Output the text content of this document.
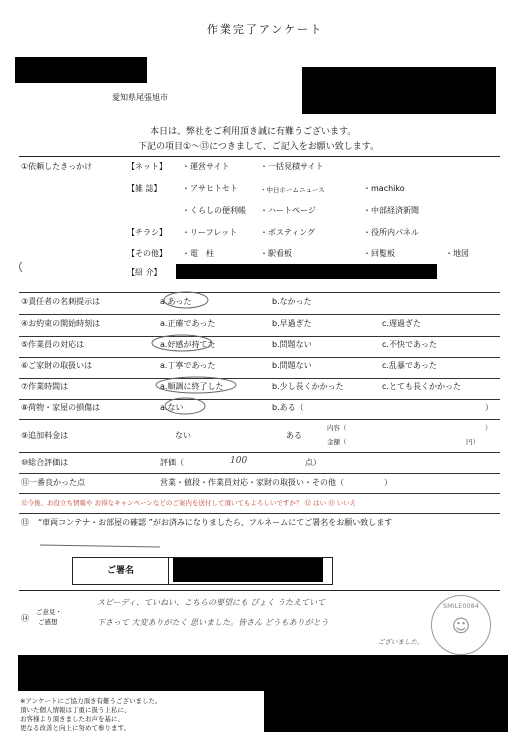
作業完了アンケート
愛知県尾張旭市
本日は、弊社をご利用頂き誠に有難うございます。
下記の項目①～⑬につきまして、ご記入をお願い致します。
①依頼したきっかけ	【ネット】 ・運営サイト	・一括見積サイト
【雑 誌】	・アサヒトセト	・中日ホームニュース	・machiko
・くらしの便利帳 ・ハートページ	・中部経済新聞
【チラシ】 ・リーフレット	・ポスティング	・役所内パネル
【その他】 ・電　柱	・駅看板	・回覧板	・地図
【紹 介】
③責任者の名刺提示は	a.あった	b.なかった
④お約束の開始時刻は	a.正確であった	b.早過ぎた	c.遅過ぎた
⑤作業員の対応は	a.好感が持てた	b.問題ない	c.不快であった
⑥ご家財の取扱いは	a.丁寧であった	b.問題ない	c.乱暴であった
⑦作業時間は	a.順調に終了した	b.少し長くかかった	c.とても長くかかった
⑧荷物・家屋の損傷は	a.ない	b.ある（	）
⑨追加料金は	ない	ある
内容（	）
金額（	円）
⑩総合評価は	評価（	100	点）
⑪一番良かった点	営業・値段・作業員対応・家財の取扱い・その他（　　　　　）
⑫今後、お役立ち情報や お得なキャンペーンなどのご案内を送付して頂いてもよろしいですか？ ⑫ はい ⑬ いいえ
⑬ “車両コンテナ・お部屋の確認 ”がお済みになりましたら、フルネームにてご署名をお願い致します
ご署名
⑭
ご意見・
ご感想
スピーディ、ていねい、こちらの要望にも ぴょく うたえていて
下さって 大変ありがたく 思いました。皆さん どうもありがとう
ございました。
SMILE0084
☺
※アンケートにご協力頂き有難うございました。
頂いた個人情報は丁重に扱う上私に、
お客様より頂きましたお声を基に、
更なる改善と向上に努めて参ります。
